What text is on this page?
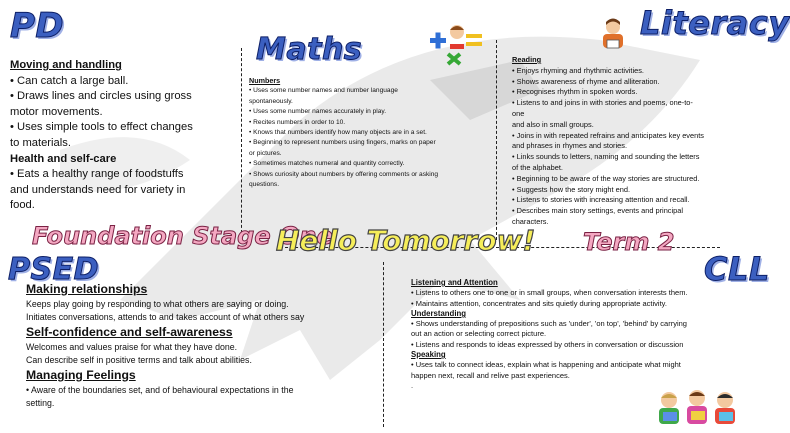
PD
Maths
Literacy
PSED	CLL
Foundation Stage One
Hello Tomorrow! Term 2
Moving and handling
• Can catch a large ball.
• Draws lines and circles using gross
motor movements.
• Uses simple tools to effect changes
to materials.
Health and self-care
• Eats a healthy range of foodstuffs
and understands need for variety in
food.
Numbers
• Uses some number names and number language
spontaneously.
• Uses some number names accurately in play.
• Recites numbers in order to 10.
• Knows that numbers identify how many objects are in a set.
• Beginning to represent numbers using fingers, marks on paper
or pictures.
• Sometimes matches numeral and quantity correctly.
• Shows curiosity about numbers by offering comments or asking
questions.
Reading
• Enjoys rhyming and rhythmic activities.
• Shows awareness of rhyme and alliteration.
• Recognises rhythm in spoken words.
• Listens to and joins in with stories and poems, one-to-
one
and also in small groups.
• Joins in with repeated refrains and anticipates key events
and phrases in rhymes and stories.
• Links sounds to letters, naming and sounding the letters
of the alphabet.
• Beginning to be aware of the way stories are structured.
• Suggests how the story might end.
• Listens to stories with increasing attention and recall.
• Describes main story settings, events and principal
characters.
Making relationships
Keeps play going by responding to what others are saying or doing.
Initiates conversations, attends to and takes account of what others say
Self-confidence and self-awareness
Welcomes and values praise for what they have done.
Can describe self in positive terms and talk about abilities.
Managing Feelings
• Aware of the boundaries set, and of behavioural expectations in the
setting.
Listening and Attention
• Listens to others one to one or in small groups, when conversation interests them.
• Maintains attention, concentrates and sits quietly during appropriate activity.
Understanding
• Shows understanding of prepositions such as 'under', 'on top', 'behind' by carrying
out an action or selecting correct picture.
• Listens and responds to ideas expressed by others in conversation or discussion
Speaking
• Uses talk to connect ideas, explain what is happening and anticipate what might
happen next, recall and relive past experiences.
.
